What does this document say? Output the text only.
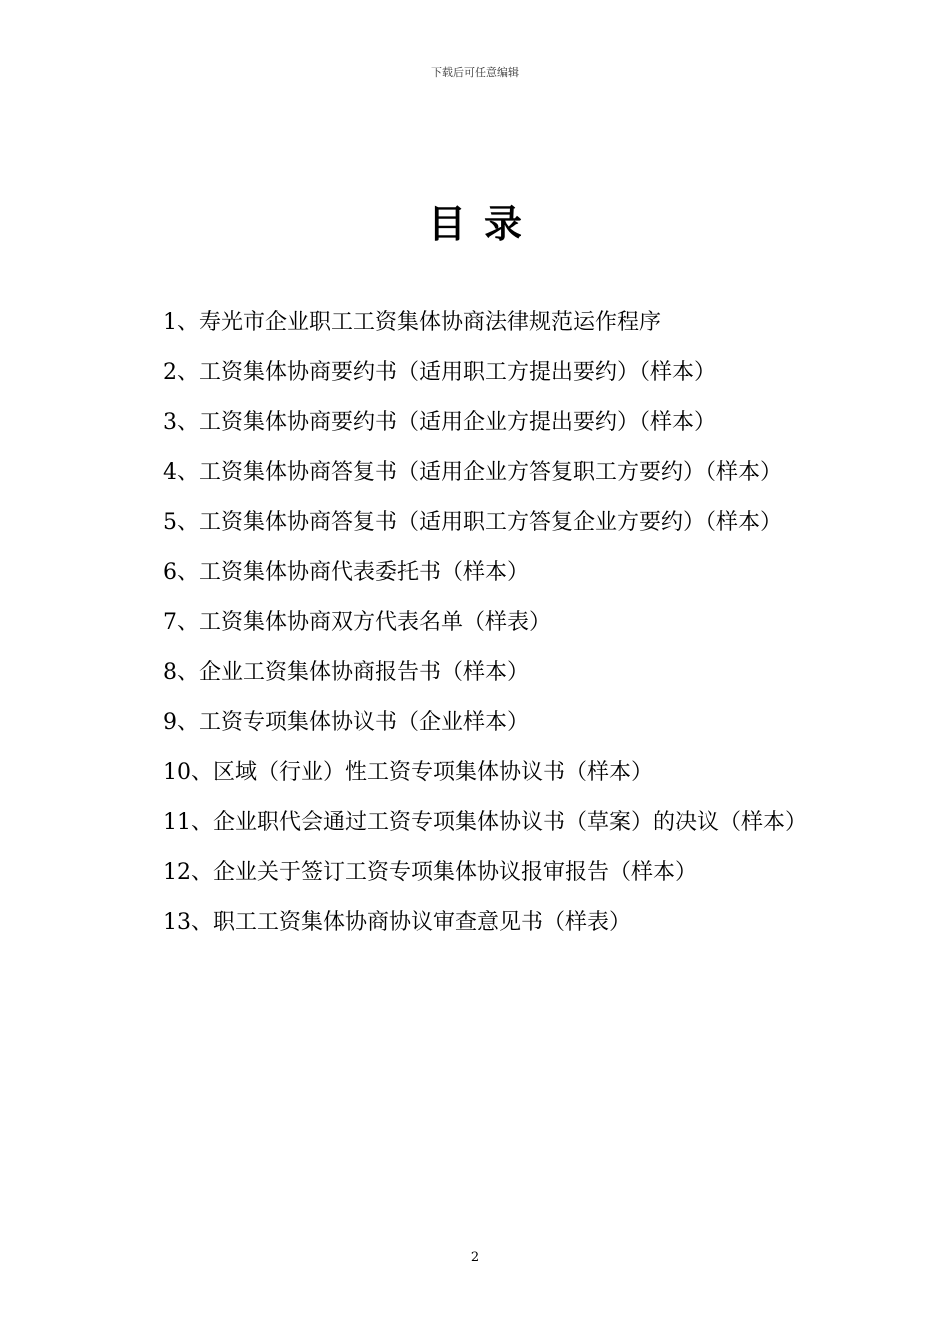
下载后可任意编辑
目录
1、寿光市企业职工工资集体协商法律规范运作程序
2、工资集体协商要约书（适用职工方提出要约）（样本）
3、工资集体协商要约书（适用企业方提出要约）（样本）
4、工资集体协商答复书（适用企业方答复职工方要约）（样本）
5、工资集体协商答复书（适用职工方答复企业方要约）（样本）
6、工资集体协商代表委托书（样本）
7、工资集体协商双方代表名单（样表）
8、企业工资集体协商报告书（样本）
9、工资专项集体协议书（企业样本）
10、区域（行业）性工资专项集体协议书（样本）
11、企业职代会通过工资专项集体协议书（草案）的决议（样本）
12、企业关于签订工资专项集体协议报审报告（样本）
13、职工工资集体协商协议审查意见书（样表）
2
